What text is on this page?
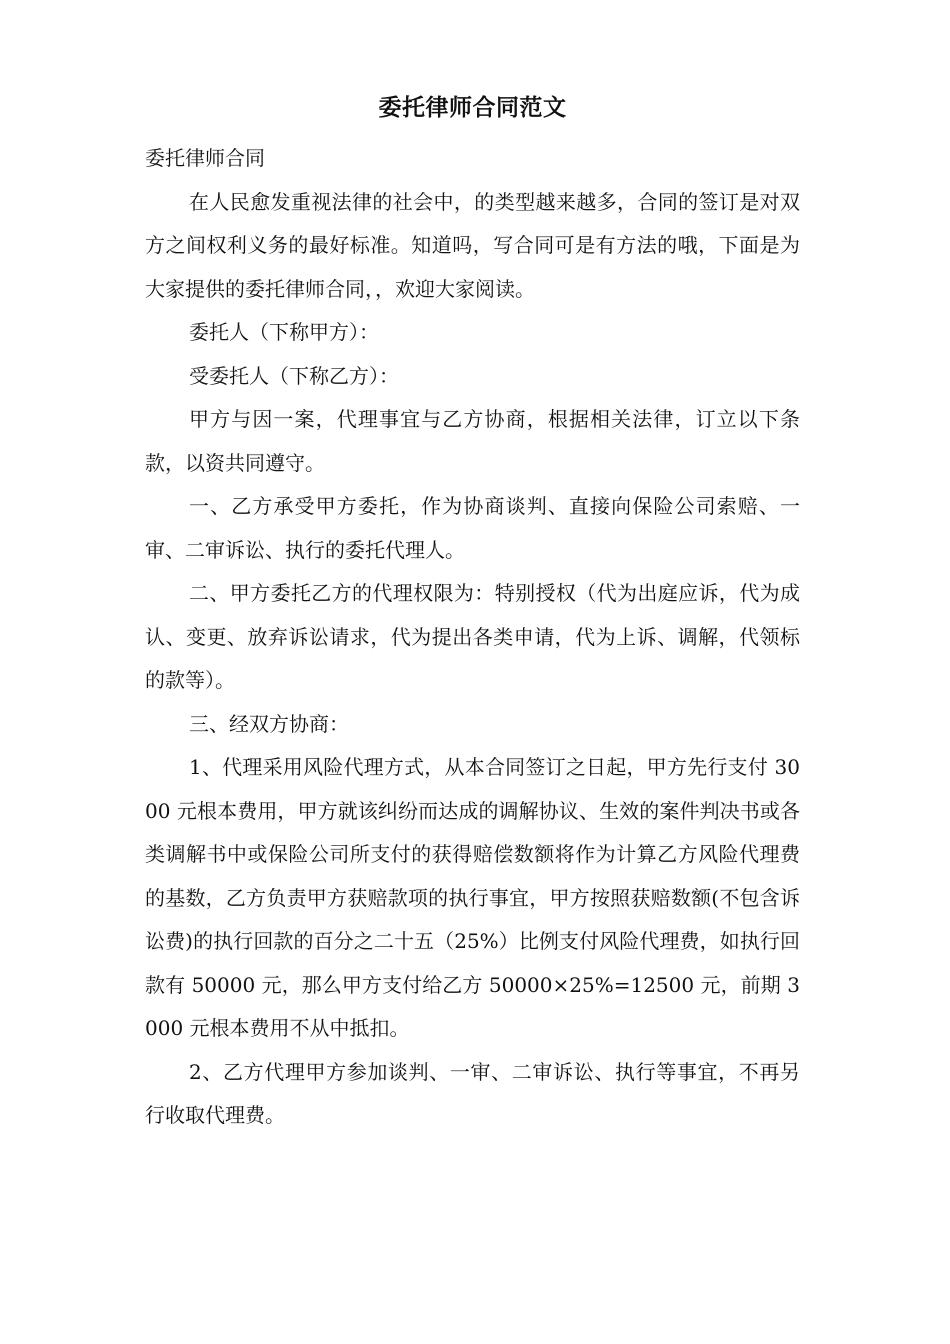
委托律师合同范文

委托律师合同

在人民愈发重视法律的社会中，的类型越来越多，合同的签订是对双方之间权利义务的最好标准。知道吗，写合同可是有方法的哦，下面是为大家提供的委托律师合同，，欢迎大家阅读。

委托人（下称甲方）：

受委托人（下称乙方）：

甲方与因一案，代理事宜与乙方协商，根据相关法律，订立以下条款，以资共同遵守。

一、乙方承受甲方委托，作为协商谈判、直接向保险公司索赔、一审、二审诉讼、执行的委托代理人。

二、甲方委托乙方的代理权限为：特别授权（代为出庭应诉，代为成认、变更、放弃诉讼请求，代为提出各类申请，代为上诉、调解，代领标的款等）。

三、经双方协商：

1、代理采用风险代理方式，从本合同签订之日起，甲方先行支付 3000 元根本费用，甲方就该纠纷而达成的调解协议、生效的案件判决书或各类调解书中或保险公司所支付的获得赔偿数额将作为计算乙方风险代理费的基数，乙方负责甲方获赔款项的执行事宜，甲方按照获赔数额(不包含诉讼费)的执行回款的百分之二十五（25%）比例支付风险代理费，如执行回款有 50000 元，那么甲方支付给乙方 50000×25%=12500 元，前期 3000 元根本费用不从中抵扣。

2、乙方代理甲方参加谈判、一审、二审诉讼、执行等事宜，不再另行收取代理费。
